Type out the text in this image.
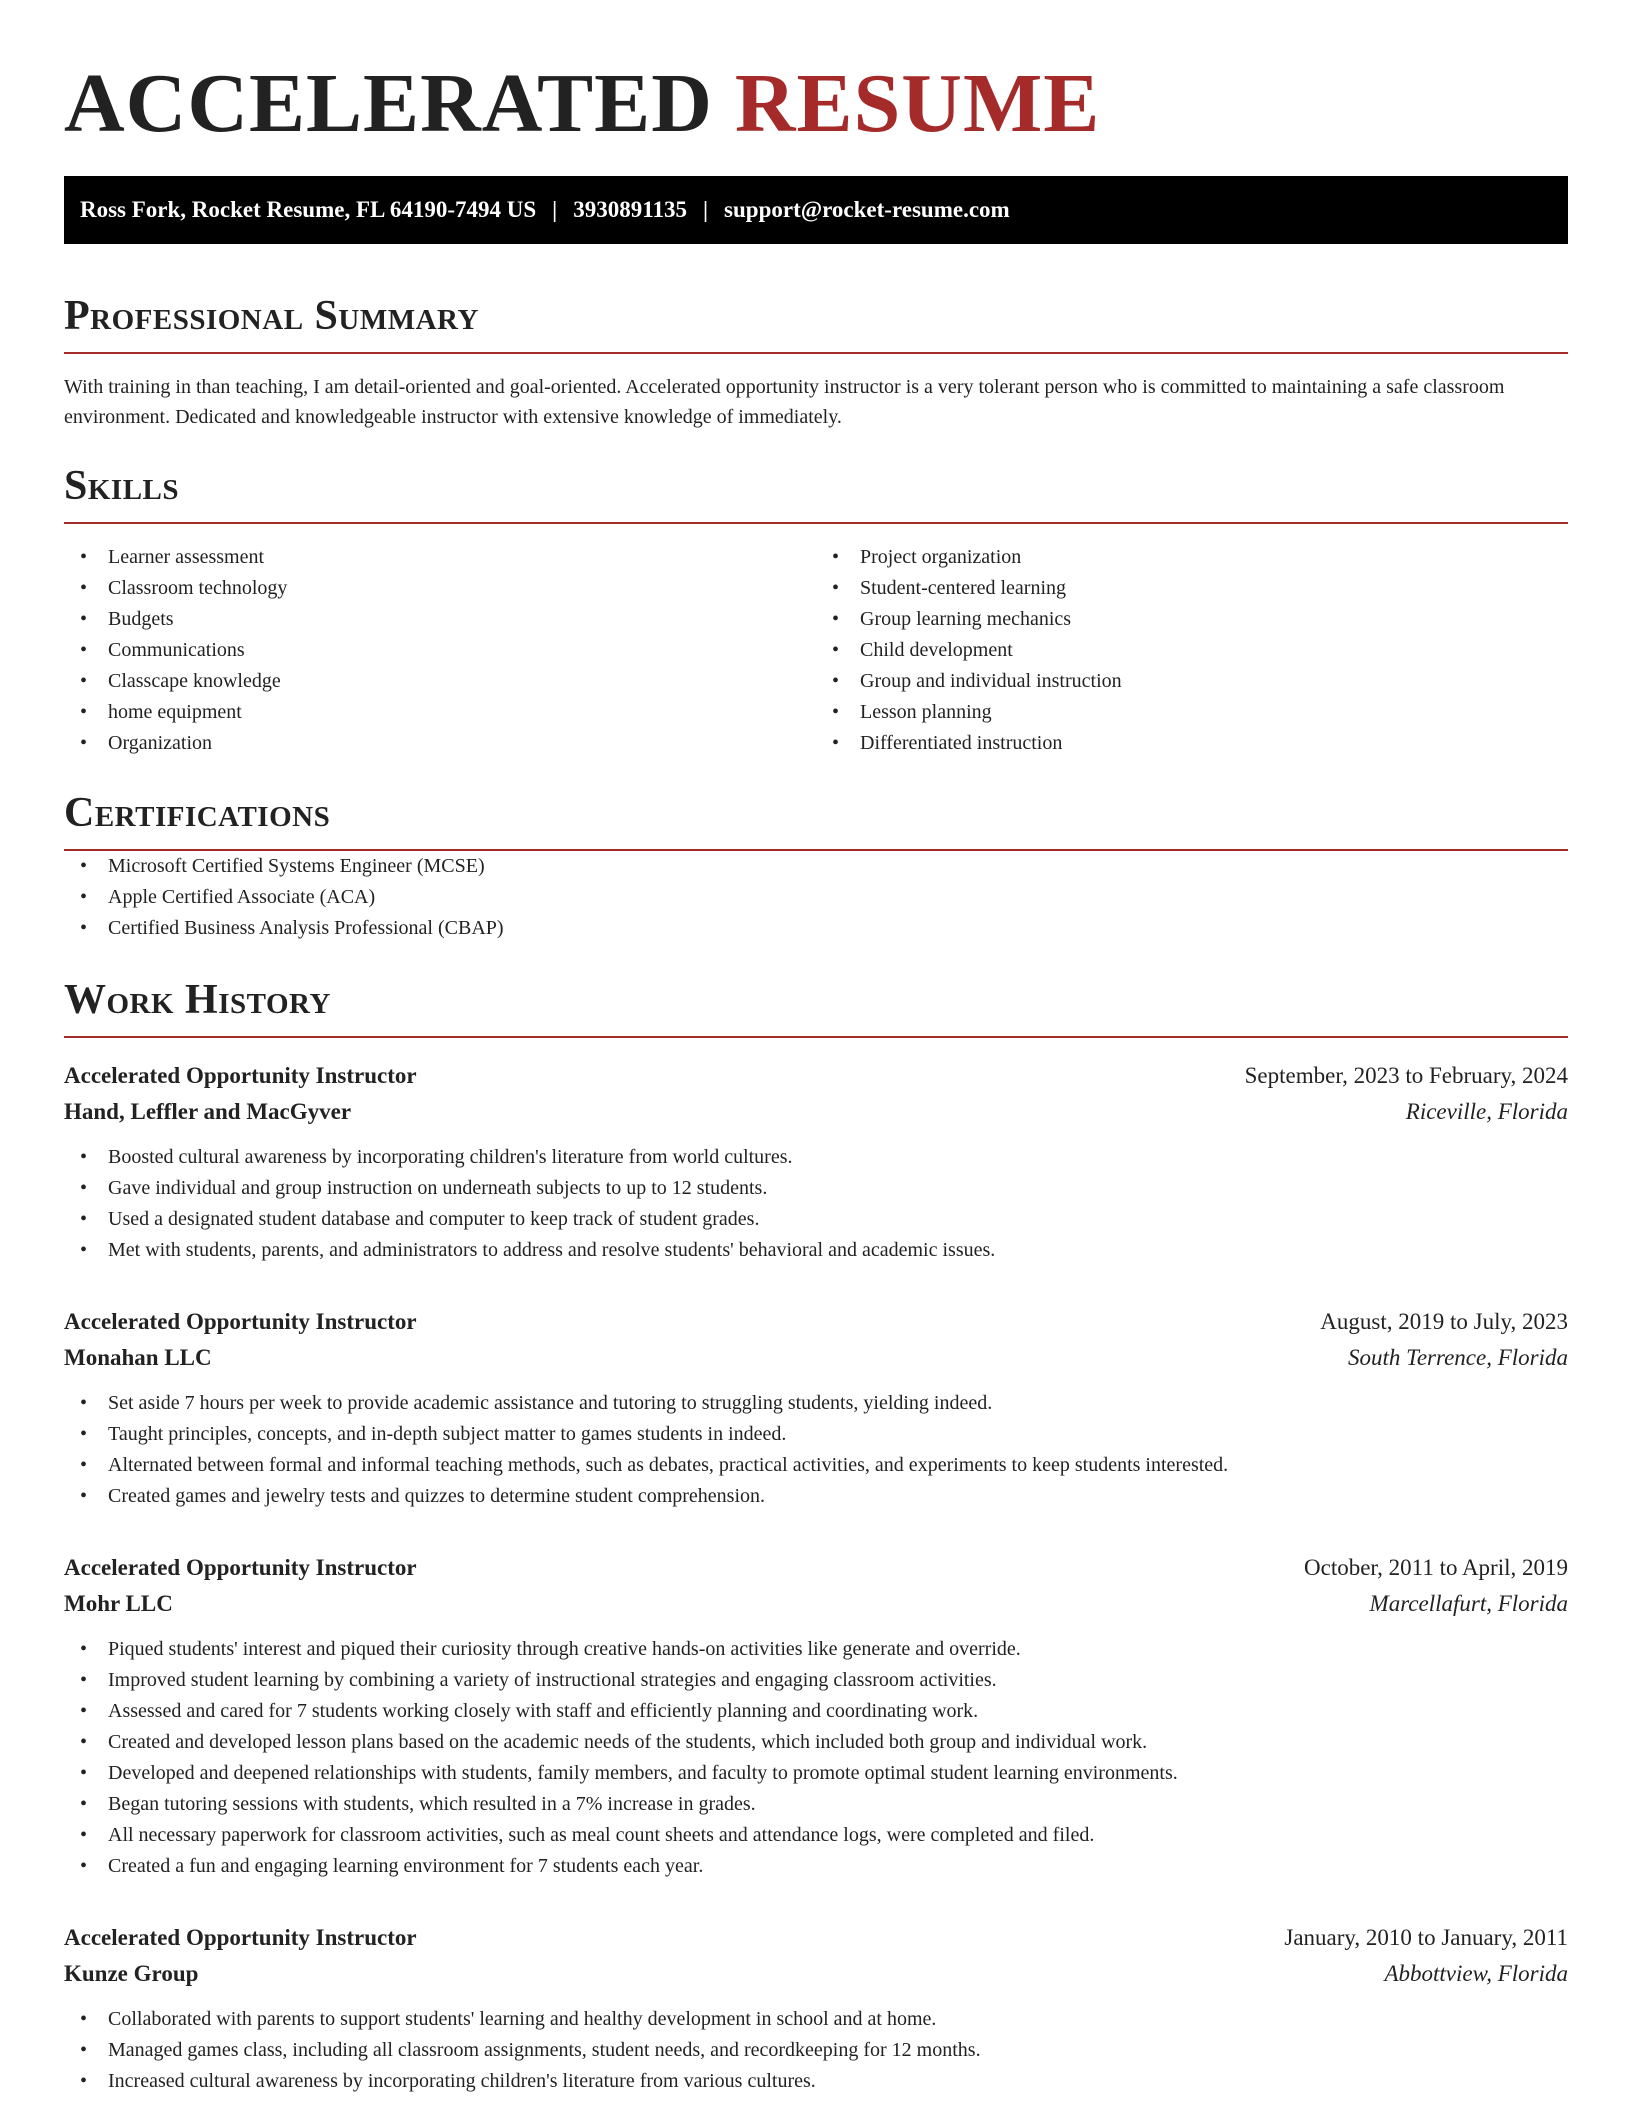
ACCELERATED RESUME
Ross Fork, Rocket Resume, FL 64190-7494 US | 3930891135 | support@rocket-resume.com
Professional Summary

With training in than teaching, I am detail-oriented and goal-oriented. Accelerated opportunity instructor is a very tolerant person who is committed to maintaining a safe classroom environment. Dedicated and knowledgeable instructor with extensive knowledge of immediately.

Skills
• Learner assessment
• Classroom technology
• Budgets
• Communications
• Classcape knowledge
• home equipment
• Organization
• Project organization
• Student-centered learning
• Group learning mechanics
• Child development
• Group and individual instruction
• Lesson planning
• Differentiated instruction
Certifications
• Microsoft Certified Systems Engineer (MCSE)
• Apple Certified Associate (ACA)
• Certified Business Analysis Professional (CBAP)
Work History
Accelerated Opportunity Instructor	September, 2023 to February, 2024
Hand, Leffler and MacGyver	Riceville, Florida
• Boosted cultural awareness by incorporating children's literature from world cultures.
• Gave individual and group instruction on underneath subjects to up to 12 students.
• Used a designated student database and computer to keep track of student grades.
• Met with students, parents, and administrators to address and resolve students' behavioral and academic issues.
Accelerated Opportunity Instructor	August, 2019 to July, 2023
Monahan LLC	South Terrence, Florida
• Set aside 7 hours per week to provide academic assistance and tutoring to struggling students, yielding indeed.
• Taught principles, concepts, and in-depth subject matter to games students in indeed.
• Alternated between formal and informal teaching methods, such as debates, practical activities, and experiments to keep students interested.
• Created games and jewelry tests and quizzes to determine student comprehension.
Accelerated Opportunity Instructor	October, 2011 to April, 2019
Mohr LLC	Marcellafurt, Florida
• Piqued students' interest and piqued their curiosity through creative hands-on activities like generate and override.
• Improved student learning by combining a variety of instructional strategies and engaging classroom activities.
• Assessed and cared for 7 students working closely with staff and efficiently planning and coordinating work.
• Created and developed lesson plans based on the academic needs of the students, which included both group and individual work.
• Developed and deepened relationships with students, family members, and faculty to promote optimal student learning environments.
• Began tutoring sessions with students, which resulted in a 7% increase in grades.
• All necessary paperwork for classroom activities, such as meal count sheets and attendance logs, were completed and filed.
• Created a fun and engaging learning environment for 7 students each year.
Accelerated Opportunity Instructor	January, 2010 to January, 2011
Kunze Group	Abbottview, Florida
• Collaborated with parents to support students' learning and healthy development in school and at home.
• Managed games class, including all classroom assignments, student needs, and recordkeeping for 12 months.
• Increased cultural awareness by incorporating children's literature from various cultures.
